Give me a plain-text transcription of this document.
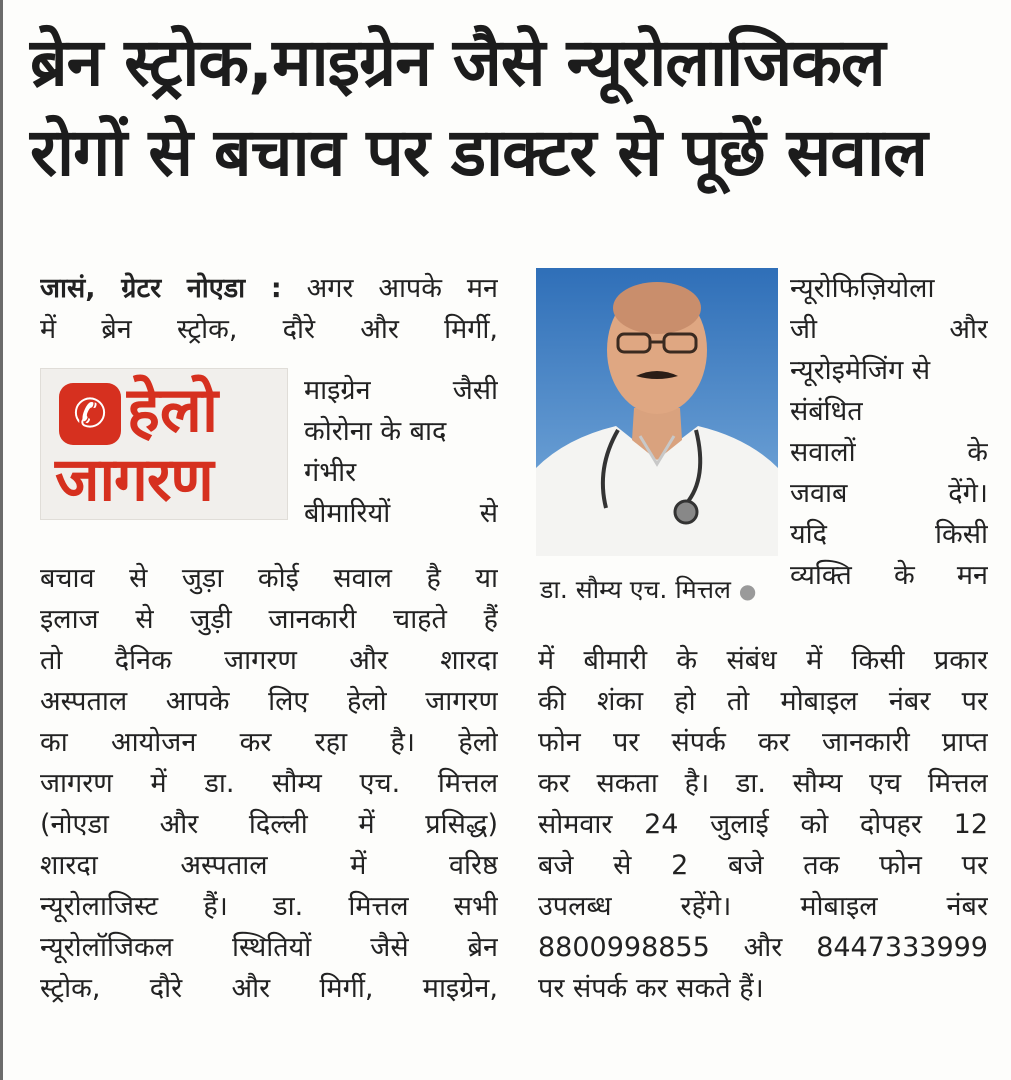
ब्रेन स्ट्रोक,माइग्रेन जैसे न्यूरोलाजिकल
रोगों से बचाव पर डाक्टर से पूछें सवाल
जासं, ग्रेटर नोएडा : अगर आपके मन
में ब्रेन स्ट्रोक, दौरे और मिर्गी,
✆ हेलो
जागरण
माइग्रेन जैसी
कोरोना के बाद
गंभीर
बीमारियों से
बचाव से जुड़ा कोई सवाल है या
इलाज से जुड़ी जानकारी चाहते हैं
तो दैनिक जागरण और शारदा
अस्पताल आपके लिए हेलो जागरण
का आयोजन कर रहा है। हेलो
जागरण में डा. सौम्य एच. मित्तल
(नोएडा और दिल्ली में प्रसिद्ध)
शारदा अस्पताल में वरिष्ठ
न्यूरोलाजिस्ट हैं। डा. मित्तल सभी
न्यूरोलॉजिकल स्थितियों जैसे ब्रेन
स्ट्रोक, दौरे और मिर्गी, माइग्रेन,
डा. सौम्य एच. मित्तल ●
न्यूरोफिज़ियोला
जी और
न्यूरोइमेजिंग से
संबंधित
सवालों के
जवाब देंगे।
यदि किसी
व्यक्ति के मन
में बीमारी के संबंध में किसी प्रकार
की शंका हो तो मोबाइल नंबर पर
फोन पर संपर्क कर जानकारी प्राप्त
कर सकता है। डा. सौम्य एच मित्तल
सोमवार 24 जुलाई को दोपहर 12
बजे से 2 बजे तक फोन पर
उपलब्ध रहेंगे। मोबाइल नंबर
8800998855 और 8447333999
पर संपर्क कर सकते हैं।
